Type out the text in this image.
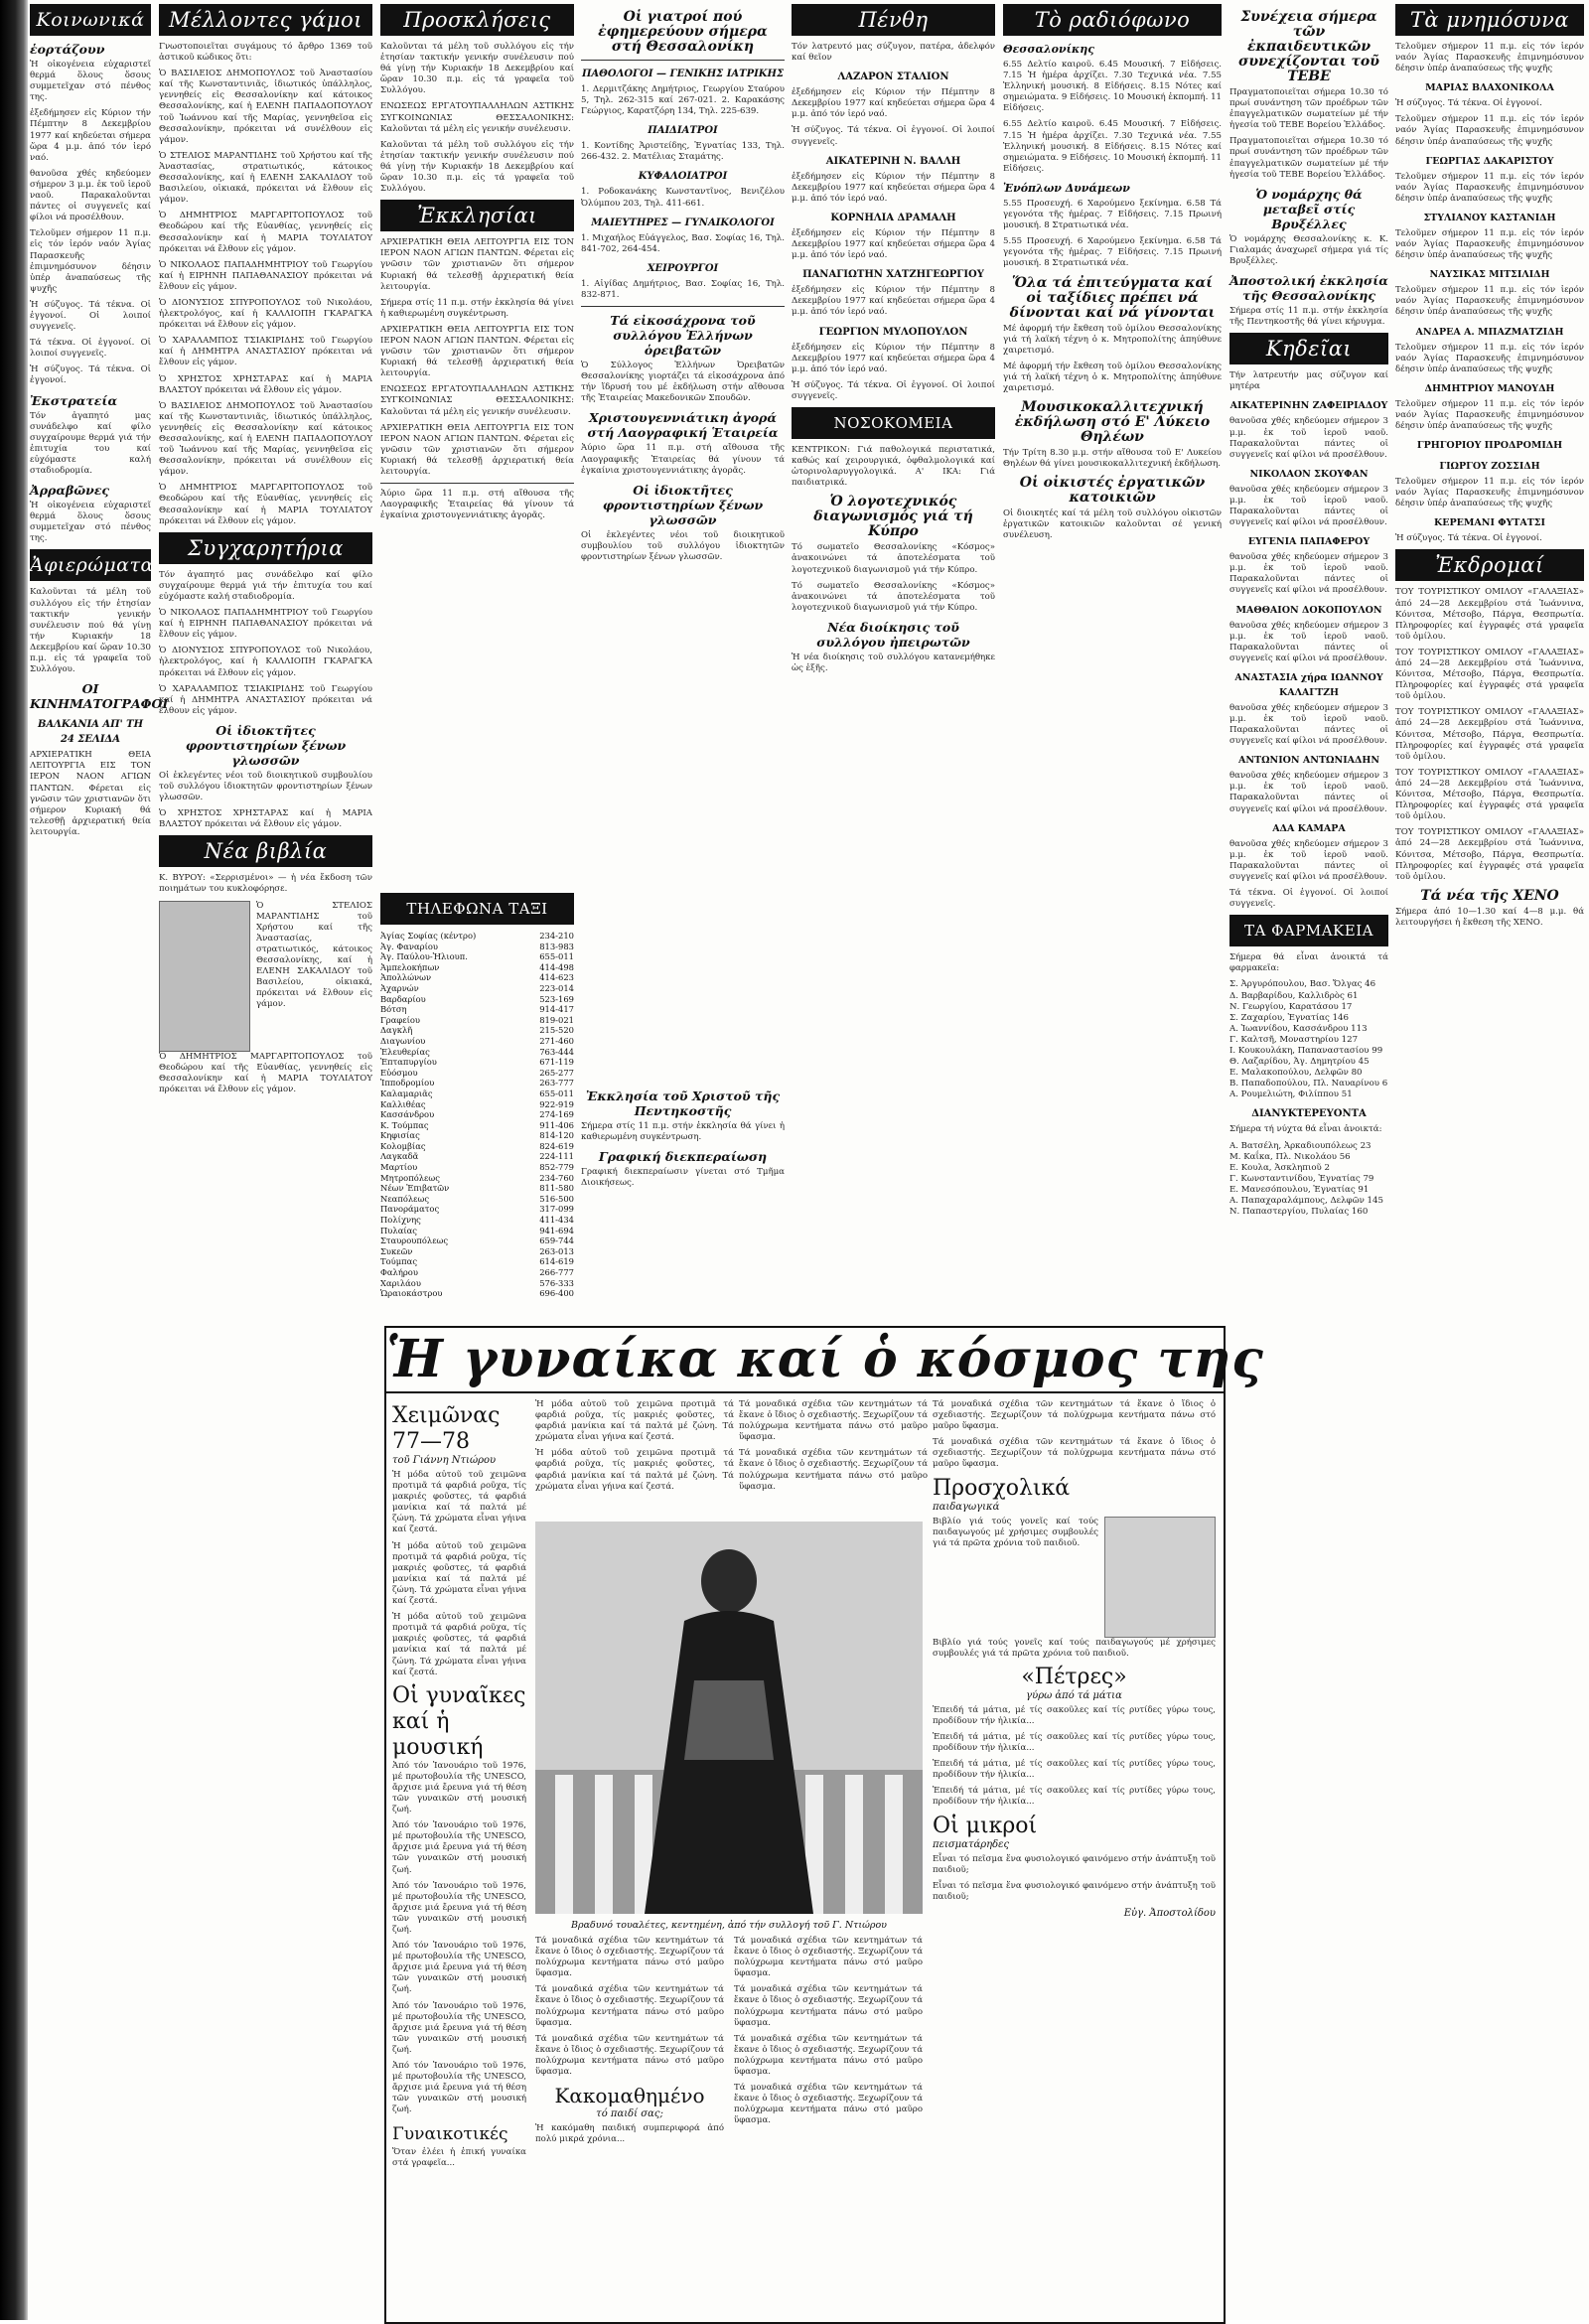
Κοινωνικά
ἑορτάζουν

Ἡ οἰκογένεια εὐχαριστεῖ θερμά ὅλους ὅσους συμμετεῖχαν στό πένθος της.

ἐξεδήμησεν εἰς Κύριον τήν Πέμπτην 8 Δεκεμβρίου 1977 καί κηδεύεται σήμερα ὥρα 4 μ.μ. ἀπό τόν ἱερό ναό.

θανοῦσα χθές κηδεύομεν σήμερον 3 μ.μ. ἐκ τοῦ ἱεροῦ ναοῦ. Παρακαλοῦνται πάντες οἱ συγγενεῖς καί φίλοι νά προσέλθουν.

Τελοῦμεν σήμερον 11 π.μ. εἰς τόν ἱερόν ναόν Ἁγίας Παρασκευῆς ἐπιμνημόσυνον δέησιν ὑπέρ ἀναπαύσεως τῆς ψυχῆς

Ἡ σύζυγος. Τά τέκνα. Οἱ ἐγγονοί. Οἱ λοιποί συγγενεῖς.

Τά τέκνα. Οἱ ἐγγονοί. Οἱ λοιποί συγγενεῖς.

Ἡ σύζυγος. Τά τέκνα. Οἱ ἐγγονοί.

Ἐκστρατεία

Τόν ἀγαπητό μας συνάδελφο καί φίλο συγχαίρουμε θερμά γιά τήν ἐπιτυχία του καί εὐχόμαστε καλή σταδιοδρομία.

Ἀρραβῶνες

Ἡ οἰκογένεια εὐχαριστεῖ θερμά ὅλους ὅσους συμμετεῖχαν στό πένθος της.

Ἀφιερώματα

Καλοῦνται τά μέλη τοῦ συλλόγου εἰς τήν ἐτησίαν τακτικήν γενικήν συνέλευσιν πού θά γίνῃ τήν Κυριακήν 18 Δεκεμβρίου καί ὥραν 10.30 π.μ. εἰς τά γραφεῖα τοῦ Συλλόγου.

ΟΙ ΚΙΝΗΜΑΤΟΓΡΑΦΟΙ
ΒΑΛΚΑΝΙΑ ΑΠ' ΤΗ 24 ΣΕΛΙΔΑ

ΑΡΧΙΕΡΑΤΙΚΗ ΘΕΙΑ ΛΕΙΤΟΥΡΓΙΑ ΕΙΣ ΤΟΝ ΙΕΡΟΝ ΝΑΟΝ ΑΓΙΩΝ ΠΑΝΤΩΝ. Φέρεται εἰς γνῶσιν τῶν χριστιανῶν ὅτι σήμερον Κυριακή θά τελεσθῇ ἀρχιερατική θεία λειτουργία.

Μέλλοντες γάμοι

Γνωστοποιεῖται συγάμους τό ἄρθρο 1369 τοῦ ἀστικοῦ κώδικος ὅτι:

Ὁ ΒΑΣΙΛΕΙΟΣ ΔΗΜΟΠΟΥΛΟΣ τοῦ Ἀναστασίου καί τῆς Κωνσταντινιᾶς, ἰδιωτικός ὑπάλληλος, γεννηθείς εἰς Θεσσαλονίκην καί κάτοικος Θεσσαλονίκης, καί ἡ ΕΛΕΝΗ ΠΑΠΑΔΟΠΟΥΛΟΥ τοῦ Ἰωάννου καί τῆς Μαρίας, γεννηθεῖσα εἰς Θεσσαλονίκην, πρόκειται νά συνέλθουν εἰς γάμον.

Ὁ ΣΤΕΛΙΟΣ ΜΑΡΑΝΤΙΔΗΣ τοῦ Χρήστου καί τῆς Ἀναστασίας, στρατιωτικός, κάτοικος Θεσσαλονίκης, καί ἡ ΕΛΕΝΗ ΣΑΚΑΛΙΔΟΥ τοῦ Βασιλείου, οἰκιακά, πρόκειται νά ἔλθουν εἰς γάμον.

Ὁ ΔΗΜΗΤΡΙΟΣ ΜΑΡΓΑΡΙΤΟΠΟΥΛΟΣ τοῦ Θεοδώρου καί τῆς Εὐανθίας, γεννηθείς εἰς Θεσσαλονίκην καί ἡ ΜΑΡΙΑ ΤΟΥΛΙΑΤΟΥ πρόκειται νά ἔλθουν εἰς γάμον.

Ὁ ΝΙΚΟΛΑΟΣ ΠΑΠΑΔΗΜΗΤΡΙΟΥ τοῦ Γεωργίου καί ἡ ΕΙΡΗΝΗ ΠΑΠΑΘΑΝΑΣΙΟΥ πρόκειται νά ἔλθουν εἰς γάμον.

Ὁ ΔΙΟΝΥΣΙΟΣ ΣΠΥΡΟΠΟΥΛΟΣ τοῦ Νικολάου, ἠλεκτρολόγος, καί ἡ ΚΑΛΛΙΟΠΗ ΓΚΑΡΑΓΚΑ πρόκειται νά ἔλθουν εἰς γάμον.

Ὁ ΧΑΡΑΛΑΜΠΟΣ ΤΣΙΑΚΙΡΙΔΗΣ τοῦ Γεωργίου καί ἡ ΔΗΜΗΤΡΑ ΑΝΑΣΤΑΣΙΟΥ πρόκειται νά ἔλθουν εἰς γάμον.

Ὁ ΧΡΗΣΤΟΣ ΧΡΗΣΤΑΡΑΣ καί ἡ ΜΑΡΙΑ ΒΛΑΣΤΟΥ πρόκειται νά ἔλθουν εἰς γάμον.

Ὁ ΒΑΣΙΛΕΙΟΣ ΔΗΜΟΠΟΥΛΟΣ τοῦ Ἀναστασίου καί τῆς Κωνσταντινιᾶς, ἰδιωτικός ὑπάλληλος, γεννηθείς εἰς Θεσσαλονίκην καί κάτοικος Θεσσαλονίκης, καί ἡ ΕΛΕΝΗ ΠΑΠΑΔΟΠΟΥΛΟΥ τοῦ Ἰωάννου καί τῆς Μαρίας, γεννηθεῖσα εἰς Θεσσαλονίκην, πρόκειται νά συνέλθουν εἰς γάμον.

Ὁ ΔΗΜΗΤΡΙΟΣ ΜΑΡΓΑΡΙΤΟΠΟΥΛΟΣ τοῦ Θεοδώρου καί τῆς Εὐανθίας, γεννηθείς εἰς Θεσσαλονίκην καί ἡ ΜΑΡΙΑ ΤΟΥΛΙΑΤΟΥ πρόκειται νά ἔλθουν εἰς γάμον.

Συγχαρητήρια

Τόν ἀγαπητό μας συνάδελφο καί φίλο συγχαίρουμε θερμά γιά τήν ἐπιτυχία του καί εὐχόμαστε καλή σταδιοδρομία.

Ὁ ΝΙΚΟΛΑΟΣ ΠΑΠΑΔΗΜΗΤΡΙΟΥ τοῦ Γεωργίου καί ἡ ΕΙΡΗΝΗ ΠΑΠΑΘΑΝΑΣΙΟΥ πρόκειται νά ἔλθουν εἰς γάμον.

Ὁ ΔΙΟΝΥΣΙΟΣ ΣΠΥΡΟΠΟΥΛΟΣ τοῦ Νικολάου, ἠλεκτρολόγος, καί ἡ ΚΑΛΛΙΟΠΗ ΓΚΑΡΑΓΚΑ πρόκειται νά ἔλθουν εἰς γάμον.

Ὁ ΧΑΡΑΛΑΜΠΟΣ ΤΣΙΑΚΙΡΙΔΗΣ τοῦ Γεωργίου καί ἡ ΔΗΜΗΤΡΑ ΑΝΑΣΤΑΣΙΟΥ πρόκειται νά ἔλθουν εἰς γάμον.

Οἱ ἰδιοκτῆτες φροντιστηρίων ξένων γλωσσῶν

Οἱ ἐκλεγέντες νέοι τοῦ διοικητικοῦ συμβουλίου τοῦ συλλόγου ἰδιοκτητῶν φροντιστηρίων ξένων γλωσσῶν.

Ὁ ΧΡΗΣΤΟΣ ΧΡΗΣΤΑΡΑΣ καί ἡ ΜΑΡΙΑ ΒΛΑΣΤΟΥ πρόκειται νά ἔλθουν εἰς γάμον.

Νέα βιβλία

Κ. ΒΥΡΟΥ: «Σερρισμένοι» — ἡ νέα ἔκδοση τῶν ποιημάτων του κυκλοφόρησε.

Ὁ ΣΤΕΛΙΟΣ ΜΑΡΑΝΤΙΔΗΣ τοῦ Χρήστου καί τῆς Ἀναστασίας, στρατιωτικός, κάτοικος Θεσσαλονίκης, καί ἡ ΕΛΕΝΗ ΣΑΚΑΛΙΔΟΥ τοῦ Βασιλείου, οἰκιακά, πρόκειται νά ἔλθουν εἰς γάμον.

Ὁ ΔΗΜΗΤΡΙΟΣ ΜΑΡΓΑΡΙΤΟΠΟΥΛΟΣ τοῦ Θεοδώρου καί τῆς Εὐανθίας, γεννηθείς εἰς Θεσσαλονίκην καί ἡ ΜΑΡΙΑ ΤΟΥΛΙΑΤΟΥ πρόκειται νά ἔλθουν εἰς γάμον.

Προσκλήσεις

Καλοῦνται τά μέλη τοῦ συλλόγου εἰς τήν ἐτησίαν τακτικήν γενικήν συνέλευσιν πού θά γίνῃ τήν Κυριακήν 18 Δεκεμβρίου καί ὥραν 10.30 π.μ. εἰς τά γραφεῖα τοῦ Συλλόγου.

ΕΝΩΣΕΩΣ ΕΡΓΑΤΟΥΠΑΛΛΗΛΩΝ ΑΣΤΙΚΗΣ ΣΥΓΚΟΙΝΩΝΙΑΣ ΘΕΣΣΑΛΟΝΙΚΗΣ: Καλοῦνται τά μέλη εἰς γενικήν συνέλευσιν.

Καλοῦνται τά μέλη τοῦ συλλόγου εἰς τήν ἐτησίαν τακτικήν γενικήν συνέλευσιν πού θά γίνῃ τήν Κυριακήν 18 Δεκεμβρίου καί ὥραν 10.30 π.μ. εἰς τά γραφεῖα τοῦ Συλλόγου.

Ἐκκλησίαι

ΑΡΧΙΕΡΑΤΙΚΗ ΘΕΙΑ ΛΕΙΤΟΥΡΓΙΑ ΕΙΣ ΤΟΝ ΙΕΡΟΝ ΝΑΟΝ ΑΓΙΩΝ ΠΑΝΤΩΝ. Φέρεται εἰς γνῶσιν τῶν χριστιανῶν ὅτι σήμερον Κυριακή θά τελεσθῇ ἀρχιερατική θεία λειτουργία.

Σήμερα στίς 11 π.μ. στήν ἐκκλησία θά γίνει ἡ καθιερωμένη συγκέντρωση.

ΑΡΧΙΕΡΑΤΙΚΗ ΘΕΙΑ ΛΕΙΤΟΥΡΓΙΑ ΕΙΣ ΤΟΝ ΙΕΡΟΝ ΝΑΟΝ ΑΓΙΩΝ ΠΑΝΤΩΝ. Φέρεται εἰς γνῶσιν τῶν χριστιανῶν ὅτι σήμερον Κυριακή θά τελεσθῇ ἀρχιερατική θεία λειτουργία.

ΕΝΩΣΕΩΣ ΕΡΓΑΤΟΥΠΑΛΛΗΛΩΝ ΑΣΤΙΚΗΣ ΣΥΓΚΟΙΝΩΝΙΑΣ ΘΕΣΣΑΛΟΝΙΚΗΣ: Καλοῦνται τά μέλη εἰς γενικήν συνέλευσιν.

ΑΡΧΙΕΡΑΤΙΚΗ ΘΕΙΑ ΛΕΙΤΟΥΡΓΙΑ ΕΙΣ ΤΟΝ ΙΕΡΟΝ ΝΑΟΝ ΑΓΙΩΝ ΠΑΝΤΩΝ. Φέρεται εἰς γνῶσιν τῶν χριστιανῶν ὅτι σήμερον Κυριακή θά τελεσθῇ ἀρχιερατική θεία λειτουργία.

Ἀύριο ὥρα 11 π.μ. στή αἴθουσα τῆς Λαογραφικῆς Ἑταιρείας θά γίνουν τά ἐγκαίνια χριστουγεννιάτικης ἀγορᾶς.

Οἱ γιατροί πού ἐφημερεύουν σήμερα στή Θεσσαλονίκη
ΠΑΘΟΛΟΓΟΙ — ΓΕΝΙΚΗΣ ΙΑΤΡΙΚΗΣ

1. Δερμιτζάκης Δημήτριος, Γεωργίου Σταύρου 5, Τηλ. 262-315 καί 267-021. 2. Καρακάσης Γεώργιος, Καρατζόρη 134, Τηλ. 225-639.

ΠΑΙΔΙΑΤΡΟΙ

1. Κοντίδης Ἀριστείδης, Ἐγνατίας 133, Τηλ. 266-432. 2. Ματέλιας Σταμάτης.

ΚΥΦΑΛΟΙΑΤΡΟΙ

1. Ροδοκανάκης Κωνσταντῖνος, Βενιζέλου Ὀλύμπου 203, Τηλ. 411-661.

ΜΑΙΕΥΤΗΡΕΣ — ΓΥΝΑΙΚΟΛΟΓΟΙ

1. Μιχαήλος Εὐάγγελος, Βασ. Σοφίας 16, Τηλ. 841-702, 264-454.

ΧΕΙΡΟΥΡΓΟΙ

1. Αἰγίδας Δημήτριος, Βασ. Σοφίας 16, Τηλ. 832-871.

Τά εἰκοσάχρονα τοῦ συλλόγου Ἑλλήνων ὁρειβατῶν

Ὁ Σύλλογος Ἑλλήνων Ὀρειβατῶν Θεσσαλονίκης γιορτάζει τά εἰκοσάχρονα ἀπό τήν ἵδρυσή του μέ ἐκδήλωση στήν αἴθουσα τῆς Ἑταιρείας Μακεδονικῶν Σπουδῶν.

Χριστουγεννιάτικη ἀγορά στή Λαογραφική Ἑταιρεία

Ἀύριο ὥρα 11 π.μ. στή αἴθουσα τῆς Λαογραφικῆς Ἑταιρείας θά γίνουν τά ἐγκαίνια χριστουγεννιάτικης ἀγορᾶς.

Οἱ ἰδιοκτῆτες φροντιστηρίων ξένων γλωσσῶν

Οἱ ἐκλεγέντες νέοι τοῦ διοικητικοῦ συμβουλίου τοῦ συλλόγου ἰδιοκτητῶν φροντιστηρίων ξένων γλωσσῶν.

ΤΗΛΕΦΩΝΑ ΤΑΞΙ
Ἀγίας Σοφίας (κέντρο)	234-210
Ἀγ. Φαναρίου	813-983
Ἀγ. Παύλου-Ἡλιουπ.	655-011
Ἀμπελοκήπων	414-498
Ἀπολλώνων	414-623
Ἀχαρνών	223-014
Βαρδαρίου	523-169
Βότση	914-417
Γραφείου	819-021
Δαγκλῆ	215-520
Διαγωνίου	271-460
Ἐλευθερίας	763-444
Ἐπταπυργίου	671-119
Εὐόσμου	265-277
Ἰπποδρομίου	263-777
Καλαμαριᾶς	655-011
Καλλιθέας	922-919
Κασσάνδρου	274-169
Κ. Τούμπας	911-406
Κηφισίας	814-120
Κολομβίας	824-619
Λαγκαδᾶ	224-111
Μαρτίου	852-779
Μητροπόλεως	234-760
Νέων Ἐπιβατῶν	811-580
Νεαπόλεως	516-500
Πανοράματος	317-099
Πολίχνης	411-434
Πυλαίας	941-694
Σταυρουπόλεως	659-744
Συκεῶν	263-013
Τούμπας	614-619
Φαλήρου	266-777
Χαριλάου	576-333
Ὡραιοκάστρου	696-400
Ἐκκλησία τοῦ Χριστοῦ τῆς Πεντηκοστῆς

Σήμερα στίς 11 π.μ. στήν ἐκκλησία θά γίνει ἡ καθιερωμένη συγκέντρωση.

Γραφική διεκπεραίωση

Γραφική διεκπεραίωσιν γίνεται στό Τμῆμα Διοικήσεως.

Πένθη

Τόν λατρευτό μας σύζυγον, πατέρα, ἀδελφόν καί θεῖον

ΛΑΖΑΡΟΝ ΣΤΑΛΙΟΝ

ἐξεδήμησεν εἰς Κύριον τήν Πέμπτην 8 Δεκεμβρίου 1977 καί κηδεύεται σήμερα ὥρα 4 μ.μ. ἀπό τόν ἱερό ναό.

Ἡ σύζυγος. Τά τέκνα. Οἱ ἐγγονοί. Οἱ λοιποί συγγενεῖς.

ΑΙΚΑΤΕΡΙΝΗ Ν. ΒΑΛΛΗ

ἐξεδήμησεν εἰς Κύριον τήν Πέμπτην 8 Δεκεμβρίου 1977 καί κηδεύεται σήμερα ὥρα 4 μ.μ. ἀπό τόν ἱερό ναό.

ΚΟΡΝΗΛΙΑ ΔΡΑΜΑΛΗ

ἐξεδήμησεν εἰς Κύριον τήν Πέμπτην 8 Δεκεμβρίου 1977 καί κηδεύεται σήμερα ὥρα 4 μ.μ. ἀπό τόν ἱερό ναό.

ΠΑΝΑΓΙΩΤΗΝ ΧΑΤΖΗΓΕΩΡΓΙΟΥ

ἐξεδήμησεν εἰς Κύριον τήν Πέμπτην 8 Δεκεμβρίου 1977 καί κηδεύεται σήμερα ὥρα 4 μ.μ. ἀπό τόν ἱερό ναό.

ΓΕΩΡΓΙΟΝ ΜΥΛΟΠΟΥΛΟΝ

ἐξεδήμησεν εἰς Κύριον τήν Πέμπτην 8 Δεκεμβρίου 1977 καί κηδεύεται σήμερα ὥρα 4 μ.μ. ἀπό τόν ἱερό ναό.

Ἡ σύζυγος. Τά τέκνα. Οἱ ἐγγονοί. Οἱ λοιποί συγγενεῖς.

ΝΟΣΟΚΟΜΕΙΑ

ΚΕΝΤΡΙΚΟΝ: Γιά παθολογικά περιστατικά, καθώς καί χειρουργικά, ὀφθαλμολογικά καί ὠτορινολαρυγγολογικά. Α' ΙΚΑ: Γιά παιδιατρικά.

Ὁ λογοτεχνικός διαγωνισμός γιά τή Κύπρο

Τό σωματεῖο Θεσσαλονίκης «Κόσμος» ἀνακοινώνει τά ἀποτελέσματα τοῦ λογοτεχνικοῦ διαγωνισμοῦ γιά τήν Κύπρο.

Τό σωματεῖο Θεσσαλονίκης «Κόσμος» ἀνακοινώνει τά ἀποτελέσματα τοῦ λογοτεχνικοῦ διαγωνισμοῦ γιά τήν Κύπρο.

Νέα διοίκησις τοῦ συλλόγου ἠπειρωτῶν

Ἡ νέα διοίκησις τοῦ συλλόγου κατανεμήθηκε ὡς ἑξῆς.

Τὸ ραδιόφωνο
Θεσσαλονίκης

6.55 Δελτίο καιροῦ. 6.45 Μουσική. 7 Εἰδήσεις. 7.15 Ἡ ἡμέρα ἀρχίζει. 7.30 Τεχνικά νέα. 7.55 Ἑλληνική μουσική. 8 Εἰδήσεις. 8.15 Νότες καί σημειώματα. 9 Εἰδήσεις. 10 Μουσική ἐκπομπή. 11 Εἰδήσεις.

6.55 Δελτίο καιροῦ. 6.45 Μουσική. 7 Εἰδήσεις. 7.15 Ἡ ἡμέρα ἀρχίζει. 7.30 Τεχνικά νέα. 7.55 Ἑλληνική μουσική. 8 Εἰδήσεις. 8.15 Νότες καί σημειώματα. 9 Εἰδήσεις. 10 Μουσική ἐκπομπή. 11 Εἰδήσεις.

Ἐνόπλων Δυνάμεων

5.55 Προσευχή. 6 Χαρούμενο ξεκίνημα. 6.58 Τά γεγονότα τῆς ἡμέρας. 7 Εἰδήσεις. 7.15 Πρωινή μουσική. 8 Στρατιωτικά νέα.

5.55 Προσευχή. 6 Χαρούμενο ξεκίνημα. 6.58 Τά γεγονότα τῆς ἡμέρας. 7 Εἰδήσεις. 7.15 Πρωινή μουσική. 8 Στρατιωτικά νέα.

Ὅλα τά ἐπιτεύγματα καί οἱ ταξίδιες πρέπει νά δίνονται καί νά γίνονται

Μέ ἀφορμή τήν ἔκθεση τοῦ ὁμίλου Θεσσαλονίκης γιά τή λαϊκή τέχνη ὁ κ. Μητροπολίτης ἀπηύθυνε χαιρετισμό.

Μέ ἀφορμή τήν ἔκθεση τοῦ ὁμίλου Θεσσαλονίκης γιά τή λαϊκή τέχνη ὁ κ. Μητροπολίτης ἀπηύθυνε χαιρετισμό.

Μουσικοκαλλιτεχνική ἐκδήλωση στό Ε' Λύκειο Θηλέων

Τήν Τρίτη 8.30 μ.μ. στήν αἴθουσα τοῦ Ε' Λυκείου Θηλέων θά γίνει μουσικοκαλλιτεχνική ἐκδήλωση.

Οἱ οἰκιστές ἐργατικῶν κατοικιῶν

Οἱ διοικητές καί τά μέλη τοῦ συλλόγου οἰκιστῶν ἐργατικῶν κατοικιῶν καλοῦνται σέ γενική συνέλευση.

Συνέχεια σήμερα τῶν ἐκπαιδευτικῶν συνεχίζονται τοῦ ΤΕΒΕ

Πραγματοποιεῖται σήμερα 10.30 τό πρωί συνάντηση τῶν προέδρων τῶν ἐπαγγελματικῶν σωματείων μέ τήν ἡγεσία τοῦ ΤΕΒΕ Βορείου Ἑλλάδος.

Πραγματοποιεῖται σήμερα 10.30 τό πρωί συνάντηση τῶν προέδρων τῶν ἐπαγγελματικῶν σωματείων μέ τήν ἡγεσία τοῦ ΤΕΒΕ Βορείου Ἑλλάδος.

Ὁ νομάρχης θά μεταβεῖ στίς Βρυξέλλες

Ὁ νομάρχης Θεσσαλονίκης κ. Κ. Γιαλαμάς ἀναχωρεῖ σήμερα γιά τίς Βρυξέλλες.

Ἀποστολική ἐκκλησία τῆς Θεσσαλονίκης

Σήμερα στίς 11 π.μ. στήν ἐκκλησία τῆς Πεντηκοστῆς θά γίνει κήρυγμα.

Κηδεῖαι

Τήν λατρευτήν μας σύζυγον καί μητέρα

ΑΙΚΑΤΕΡΙΝΗΝ ΖΑΦΕΙΡΙΑΔΟΥ

θανοῦσα χθές κηδεύομεν σήμερον 3 μ.μ. ἐκ τοῦ ἱεροῦ ναοῦ. Παρακαλοῦνται πάντες οἱ συγγενεῖς καί φίλοι νά προσέλθουν.

ΝΙΚΟΛΑΟΝ ΣΚΟΥΦΑΝ

θανοῦσα χθές κηδεύομεν σήμερον 3 μ.μ. ἐκ τοῦ ἱεροῦ ναοῦ. Παρακαλοῦνται πάντες οἱ συγγενεῖς καί φίλοι νά προσέλθουν.

ΕΥΓΕΝΙΑ ΠΑΠΑΦΕΡΟΥ

θανοῦσα χθές κηδεύομεν σήμερον 3 μ.μ. ἐκ τοῦ ἱεροῦ ναοῦ. Παρακαλοῦνται πάντες οἱ συγγενεῖς καί φίλοι νά προσέλθουν.

ΜΑΘΘΑΙΟΝ ΔΟΚΟΠΟΥΛΟΝ

θανοῦσα χθές κηδεύομεν σήμερον 3 μ.μ. ἐκ τοῦ ἱεροῦ ναοῦ. Παρακαλοῦνται πάντες οἱ συγγενεῖς καί φίλοι νά προσέλθουν.

ΑΝΑΣΤΑΣΙΑ χήρα ΙΩΑΝΝΟΥ ΚΑΛΑΓΤΖΗ

θανοῦσα χθές κηδεύομεν σήμερον 3 μ.μ. ἐκ τοῦ ἱεροῦ ναοῦ. Παρακαλοῦνται πάντες οἱ συγγενεῖς καί φίλοι νά προσέλθουν.

ΑΝΤΩΝΙΟΝ ΑΝΤΩΝΙΑΔΗΝ

θανοῦσα χθές κηδεύομεν σήμερον 3 μ.μ. ἐκ τοῦ ἱεροῦ ναοῦ. Παρακαλοῦνται πάντες οἱ συγγενεῖς καί φίλοι νά προσέλθουν.

ΑΔΑ ΚΑΜΑΡΑ

θανοῦσα χθές κηδεύομεν σήμερον 3 μ.μ. ἐκ τοῦ ἱεροῦ ναοῦ. Παρακαλοῦνται πάντες οἱ συγγενεῖς καί φίλοι νά προσέλθουν.

Τά τέκνα. Οἱ ἐγγονοί. Οἱ λοιποί συγγενεῖς.

ΤΑ ΦΑΡΜΑΚΕΙΑ

Σήμερα θά εἶναι ἀνοικτά τά φαρμακεῖα:

Σ. Ἀργυρόπουλου, Βασ. Ὄλγας 46
Δ. Βαρβαρίδου, Καλλιδρὸς 61
Ν. Γεωργίου, Καρατάσου 17
Σ. Ζαχαρίου, Ἐγνατίας 146
Α. Ἰωαννίδου, Κασσάνδρου 113
Γ. Καλτσῆ, Μοναστηρίου 127
Ι. Κουκουλάκη, Παπαναστασίου 99
Θ. Λαζαρίδου, Ἀγ. Δημητρίου 45
Ε. Μαλακοπούλου, Δελφῶν 80
Β. Παπαδοπούλου, Πλ. Ναυαρίνου 6
Α. Ρουμελιώτη, Φιλίππου 51
ΔΙΑΝΥΚΤΕΡΕΥΟΝΤΑ

Σήμερα τή νύχτα θά εἶναι ἀνοικτά:

Α. Βατσέλη, Ἀρκαδιουπόλεως 23
Μ. Καΐκα, Πλ. Νικολάου 56
Ε. Κουλα, Ἀσκληπιοῦ 2
Γ. Κωνσταντινίδου, Ἐγνατίας 79
Ε. Μανεσόπουλου, Ἐγνατίας 91
Α. Παπαχαραλάμπους, Δελφῶν 145
Ν. Παπαστεργίου, Πυλαίας 160
Τὰ μνημόσυνα

Τελοῦμεν σήμερον 11 π.μ. εἰς τόν ἱερόν ναόν Ἁγίας Παρασκευῆς ἐπιμνημόσυνον δέησιν ὑπέρ ἀναπαύσεως τῆς ψυχῆς

ΜΑΡΙΑΣ ΒΛΑΧΟΝΙΚΟΛΑ

Ἡ σύζυγος. Τά τέκνα. Οἱ ἐγγονοί.

Τελοῦμεν σήμερον 11 π.μ. εἰς τόν ἱερόν ναόν Ἁγίας Παρασκευῆς ἐπιμνημόσυνον δέησιν ὑπέρ ἀναπαύσεως τῆς ψυχῆς

ΓΕΩΡΓΙΑΣ ΔΑΚΑΡΙΣΤΟΥ

Τελοῦμεν σήμερον 11 π.μ. εἰς τόν ἱερόν ναόν Ἁγίας Παρασκευῆς ἐπιμνημόσυνον δέησιν ὑπέρ ἀναπαύσεως τῆς ψυχῆς

ΣΤΥΛΙΑΝΟΥ ΚΑΣΤΑΝΙΔΗ

Τελοῦμεν σήμερον 11 π.μ. εἰς τόν ἱερόν ναόν Ἁγίας Παρασκευῆς ἐπιμνημόσυνον δέησιν ὑπέρ ἀναπαύσεως τῆς ψυχῆς

ΝΑΥΣΙΚΑΣ ΜΙΤΣΙΛΙΔΗ

Τελοῦμεν σήμερον 11 π.μ. εἰς τόν ἱερόν ναόν Ἁγίας Παρασκευῆς ἐπιμνημόσυνον δέησιν ὑπέρ ἀναπαύσεως τῆς ψυχῆς

ΑΝΔΡΕΑ Α. ΜΠΑΖΜΑΤΖΙΔΗ

Τελοῦμεν σήμερον 11 π.μ. εἰς τόν ἱερόν ναόν Ἁγίας Παρασκευῆς ἐπιμνημόσυνον δέησιν ὑπέρ ἀναπαύσεως τῆς ψυχῆς

ΔΗΜΗΤΡΙΟΥ ΜΑΝΟΥΔΗ

Τελοῦμεν σήμερον 11 π.μ. εἰς τόν ἱερόν ναόν Ἁγίας Παρασκευῆς ἐπιμνημόσυνον δέησιν ὑπέρ ἀναπαύσεως τῆς ψυχῆς

ΓΡΗΓΟΡΙΟΥ ΠΡΟΔΡΟΜΙΔΗ
ΓΙΩΡΓΟΥ ΖΟΣΣΙΔΗ

Τελοῦμεν σήμερον 11 π.μ. εἰς τόν ἱερόν ναόν Ἁγίας Παρασκευῆς ἐπιμνημόσυνον δέησιν ὑπέρ ἀναπαύσεως τῆς ψυχῆς

ΚΕΡΕΜΑΝΙ ΦΥΤΑΤΣΙ

Ἡ σύζυγος. Τά τέκνα. Οἱ ἐγγονοί.

Ἐκδρομαί

ΤΟΥ ΤΟΥΡΙΣΤΙΚΟΥ ΟΜΙΛΟΥ «ΓΑΛΑΞΙΑΣ» ἀπό 24—28 Δεκεμβρίου στά Ἰωάννινα, Κόνιτσα, Μέτσοβο, Πάργα, Θεσπρωτία. Πληροφορίες καί ἐγγραφές στά γραφεῖα τοῦ ὁμίλου.

ΤΟΥ ΤΟΥΡΙΣΤΙΚΟΥ ΟΜΙΛΟΥ «ΓΑΛΑΞΙΑΣ» ἀπό 24—28 Δεκεμβρίου στά Ἰωάννινα, Κόνιτσα, Μέτσοβο, Πάργα, Θεσπρωτία. Πληροφορίες καί ἐγγραφές στά γραφεῖα τοῦ ὁμίλου.

ΤΟΥ ΤΟΥΡΙΣΤΙΚΟΥ ΟΜΙΛΟΥ «ΓΑΛΑΞΙΑΣ» ἀπό 24—28 Δεκεμβρίου στά Ἰωάννινα, Κόνιτσα, Μέτσοβο, Πάργα, Θεσπρωτία. Πληροφορίες καί ἐγγραφές στά γραφεῖα τοῦ ὁμίλου.

ΤΟΥ ΤΟΥΡΙΣΤΙΚΟΥ ΟΜΙΛΟΥ «ΓΑΛΑΞΙΑΣ» ἀπό 24—28 Δεκεμβρίου στά Ἰωάννινα, Κόνιτσα, Μέτσοβο, Πάργα, Θεσπρωτία. Πληροφορίες καί ἐγγραφές στά γραφεῖα τοῦ ὁμίλου.

ΤΟΥ ΤΟΥΡΙΣΤΙΚΟΥ ΟΜΙΛΟΥ «ΓΑΛΑΞΙΑΣ» ἀπό 24—28 Δεκεμβρίου στά Ἰωάννινα, Κόνιτσα, Μέτσοβο, Πάργα, Θεσπρωτία. Πληροφορίες καί ἐγγραφές στά γραφεῖα τοῦ ὁμίλου.

Τά νέα τῆς ΧΕΝΟ

Σήμερα ἀπό 10—1.30 καί 4—8 μ.μ. θά λειτουργήσει ἡ ἔκθεση τῆς ΧΕΝΟ.

Ἡ γυναίκα καί ὁ κόσμος της
Χειμῶνας 77—78
τοῦ Γιάννη Ντιώρου

Ἡ μόδα αὐτοῦ τοῦ χειμῶνα προτιμᾶ τά φαρδιά ροῦχα, τίς μακριές φοῦστες, τά φαρδιά μανίκια καί τά παλτά μέ ζώνη. Τά χρώματα εἶναι γήινα καί ζεστά.

Ἡ μόδα αὐτοῦ τοῦ χειμῶνα προτιμᾶ τά φαρδιά ροῦχα, τίς μακριές φοῦστες, τά φαρδιά μανίκια καί τά παλτά μέ ζώνη. Τά χρώματα εἶναι γήινα καί ζεστά.

Ἡ μόδα αὐτοῦ τοῦ χειμῶνα προτιμᾶ τά φαρδιά ροῦχα, τίς μακριές φοῦστες, τά φαρδιά μανίκια καί τά παλτά μέ ζώνη. Τά χρώματα εἶναι γήινα καί ζεστά.

Οἱ γυναῖκες καί ἡ μουσική

Ἀπό τόν Ἰανουάριο τοῦ 1976, μέ πρωτοβουλία τῆς UNESCO, ἄρχισε μιά ἔρευνα γιά τή θέση τῶν γυναικῶν στή μουσική ζωή.

Ἀπό τόν Ἰανουάριο τοῦ 1976, μέ πρωτοβουλία τῆς UNESCO, ἄρχισε μιά ἔρευνα γιά τή θέση τῶν γυναικῶν στή μουσική ζωή.

Ἀπό τόν Ἰανουάριο τοῦ 1976, μέ πρωτοβουλία τῆς UNESCO, ἄρχισε μιά ἔρευνα γιά τή θέση τῶν γυναικῶν στή μουσική ζωή.

Ἀπό τόν Ἰανουάριο τοῦ 1976, μέ πρωτοβουλία τῆς UNESCO, ἄρχισε μιά ἔρευνα γιά τή θέση τῶν γυναικῶν στή μουσική ζωή.

Ἀπό τόν Ἰανουάριο τοῦ 1976, μέ πρωτοβουλία τῆς UNESCO, ἄρχισε μιά ἔρευνα γιά τή θέση τῶν γυναικῶν στή μουσική ζωή.

Ἀπό τόν Ἰανουάριο τοῦ 1976, μέ πρωτοβουλία τῆς UNESCO, ἄρχισε μιά ἔρευνα γιά τή θέση τῶν γυναικῶν στή μουσική ζωή.

Γυναικοτικές

Ὅταν ἐλέει ἡ ἐπική γυναίκα στά γραφεῖα...

Ἡ μόδα αὐτοῦ τοῦ χειμῶνα προτιμᾶ τά φαρδιά ροῦχα, τίς μακριές φοῦστες, τά φαρδιά μανίκια καί τά παλτά μέ ζώνη. Τά χρώματα εἶναι γήινα καί ζεστά.

Ἡ μόδα αὐτοῦ τοῦ χειμῶνα προτιμᾶ τά φαρδιά ροῦχα, τίς μακριές φοῦστες, τά φαρδιά μανίκια καί τά παλτά μέ ζώνη. Τά χρώματα εἶναι γήινα καί ζεστά.

Τά μοναδικά σχέδια τῶν κεντημάτων τά ἔκανε ὁ ἴδιος ὁ σχεδιαστής. Ξεχωρίζουν τά πολύχρωμα κεντήματα πάνω στό μαῦρο ὕφασμα.

Τά μοναδικά σχέδια τῶν κεντημάτων τά ἔκανε ὁ ἴδιος ὁ σχεδιαστής. Ξεχωρίζουν τά πολύχρωμα κεντήματα πάνω στό μαῦρο ὕφασμα.

Βραδυνό τουαλέτες, κεντημένη, ἀπό τήν συλλογή τοῦ Γ. Ντιώρου

Τά μοναδικά σχέδια τῶν κεντημάτων τά ἔκανε ὁ ἴδιος ὁ σχεδιαστής. Ξεχωρίζουν τά πολύχρωμα κεντήματα πάνω στό μαῦρο ὕφασμα.

Τά μοναδικά σχέδια τῶν κεντημάτων τά ἔκανε ὁ ἴδιος ὁ σχεδιαστής. Ξεχωρίζουν τά πολύχρωμα κεντήματα πάνω στό μαῦρο ὕφασμα.

Τά μοναδικά σχέδια τῶν κεντημάτων τά ἔκανε ὁ ἴδιος ὁ σχεδιαστής. Ξεχωρίζουν τά πολύχρωμα κεντήματα πάνω στό μαῦρο ὕφασμα.

Κακομαθημένο
τό παιδί σας;

Ἡ κακόμαθη παιδική συμπεριφορά ἀπό πολύ μικρά χρόνια...

Τά μοναδικά σχέδια τῶν κεντημάτων τά ἔκανε ὁ ἴδιος ὁ σχεδιαστής. Ξεχωρίζουν τά πολύχρωμα κεντήματα πάνω στό μαῦρο ὕφασμα.

Τά μοναδικά σχέδια τῶν κεντημάτων τά ἔκανε ὁ ἴδιος ὁ σχεδιαστής. Ξεχωρίζουν τά πολύχρωμα κεντήματα πάνω στό μαῦρο ὕφασμα.

Τά μοναδικά σχέδια τῶν κεντημάτων τά ἔκανε ὁ ἴδιος ὁ σχεδιαστής. Ξεχωρίζουν τά πολύχρωμα κεντήματα πάνω στό μαῦρο ὕφασμα.

Τά μοναδικά σχέδια τῶν κεντημάτων τά ἔκανε ὁ ἴδιος ὁ σχεδιαστής. Ξεχωρίζουν τά πολύχρωμα κεντήματα πάνω στό μαῦρο ὕφασμα.

Τά μοναδικά σχέδια τῶν κεντημάτων τά ἔκανε ὁ ἴδιος ὁ σχεδιαστής. Ξεχωρίζουν τά πολύχρωμα κεντήματα πάνω στό μαῦρο ὕφασμα.

Τά μοναδικά σχέδια τῶν κεντημάτων τά ἔκανε ὁ ἴδιος ὁ σχεδιαστής. Ξεχωρίζουν τά πολύχρωμα κεντήματα πάνω στό μαῦρο ὕφασμα.

Προσχολικά
παιδαγωγικά

Βιβλίο γιά τούς γονεῖς καί τούς παιδαγωγούς μέ χρήσιμες συμβουλές γιά τά πρῶτα χρόνια τοῦ παιδιοῦ.

Βιβλίο γιά τούς γονεῖς καί τούς παιδαγωγούς μέ χρήσιμες συμβουλές γιά τά πρῶτα χρόνια τοῦ παιδιοῦ.

«Πέτρες»
γύρω ἀπό τά μάτια

Ἐπειδή τά μάτια, μέ τίς σακοῦλες καί τίς ρυτίδες γύρω τους, προδίδουν τήν ἡλικία...

Ἐπειδή τά μάτια, μέ τίς σακοῦλες καί τίς ρυτίδες γύρω τους, προδίδουν τήν ἡλικία...

Ἐπειδή τά μάτια, μέ τίς σακοῦλες καί τίς ρυτίδες γύρω τους, προδίδουν τήν ἡλικία...

Ἐπειδή τά μάτια, μέ τίς σακοῦλες καί τίς ρυτίδες γύρω τους, προδίδουν τήν ἡλικία...

Οἱ μικροί
πεισματάρηδες

Εἶναι τό πεῖσμα ἕνα φυσιολογικό φαινόμενο στήν ἀνάπτυξη τοῦ παιδιοῦ;

Εἶναι τό πεῖσμα ἕνα φυσιολογικό φαινόμενο στήν ἀνάπτυξη τοῦ παιδιοῦ;

Εὐγ. Ἀποστολίδου
